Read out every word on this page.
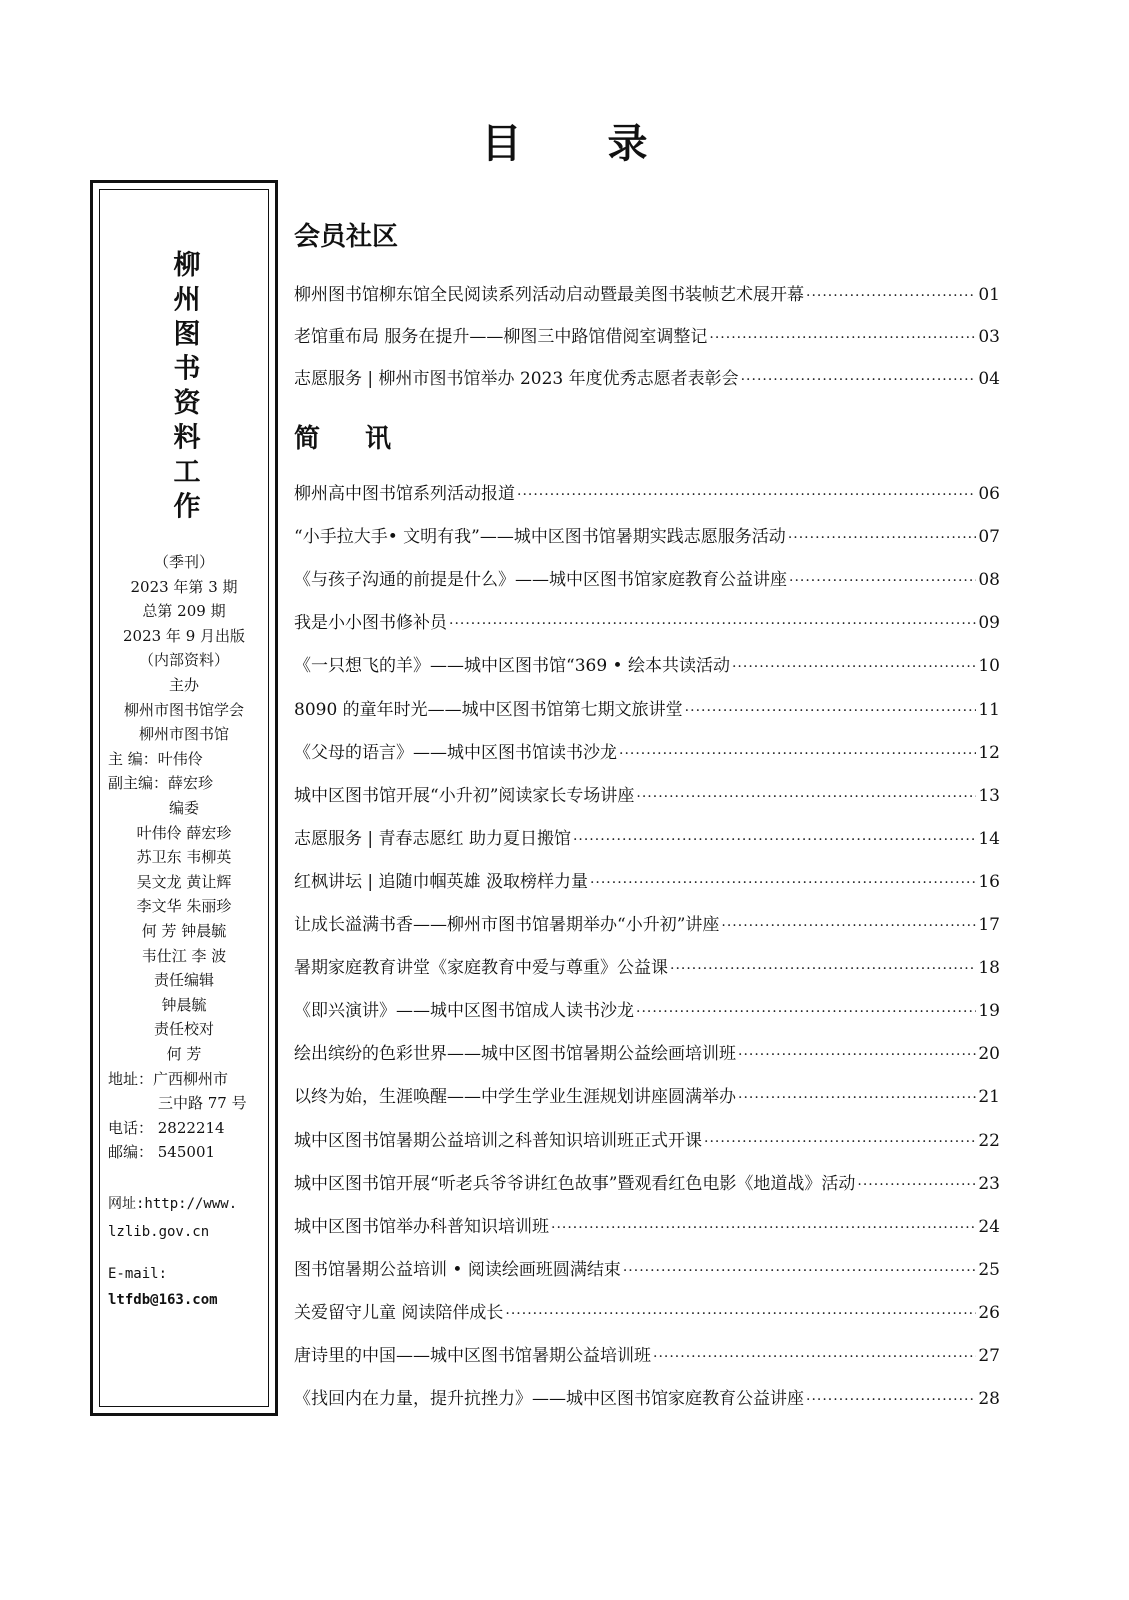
目 录
柳州图书资料工作
（季刊）
2023 年第 3 期
总第 209 期
2023 年 9 月出版
（内部资料）
主办
柳州市图书馆学会
柳州市图书馆
主 编：叶伟伶
副主编：薛宏珍
编委
叶伟伶 薛宏珍
苏卫东 韦柳英
吴文龙 黄让辉
李文华 朱丽珍
何 芳 钟晨毓
韦仕江 李 波
责任编辑
钟晨毓
责任校对
何 芳
地址：广西柳州市
三中路 77 号
电话： 2822214
邮编： 545001
网址:http://www.
lzlib.gov.cn
E-mail:
ltfdb@163.com
会员社区
柳州图书馆柳东馆全民阅读系列活动启动暨最美图书装帧艺术展开幕 ·····	01
老馆重布局 服务在提升——柳图三中路馆借阅室调整记 ·····	03
志愿服务 | 柳州市图书馆举办 2023 年度优秀志愿者表彰会 ·····	04
简 讯
柳州高中图书馆系列活动报道 ·····	06
“小手拉大手• 文明有我”——城中区图书馆暑期实践志愿服务活动 ·····	07
《与孩子沟通的前提是什么》——城中区图书馆家庭教育公益讲座 ·····	08
我是小小图书修补员 ·····	09
《一只想飞的羊》——城中区图书馆“369 • 绘本共读活动 ·····	10
8090 的童年时光——城中区图书馆第七期文旅讲堂 ·····	11
《父母的语言》——城中区图书馆读书沙龙 ·····	12
城中区图书馆开展“小升初”阅读家长专场讲座 ·····	13
志愿服务 | 青春志愿红 助力夏日搬馆 ·····	14
红枫讲坛 | 追随巾帼英雄 汲取榜样力量 ·····	16
让成长溢满书香——柳州市图书馆暑期举办“小升初”讲座 ·····	17
暑期家庭教育讲堂《家庭教育中爱与尊重》公益课 ·····	18
《即兴演讲》——城中区图书馆成人读书沙龙 ·····	19
绘出缤纷的色彩世界——城中区图书馆暑期公益绘画培训班 ·····	20
以终为始，生涯唤醒——中学生学业生涯规划讲座圆满举办 ·····	21
城中区图书馆暑期公益培训之科普知识培训班正式开课 ·····	22
城中区图书馆开展“听老兵爷爷讲红色故事”暨观看红色电影《地道战》活动 ·····	23
城中区图书馆举办科普知识培训班 ·····	24
图书馆暑期公益培训 • 阅读绘画班圆满结束 ·····	25
关爱留守儿童 阅读陪伴成长 ·····	26
唐诗里的中国——城中区图书馆暑期公益培训班 ·····	27
《找回内在力量，提升抗挫力》——城中区图书馆家庭教育公益讲座 ·····	28
